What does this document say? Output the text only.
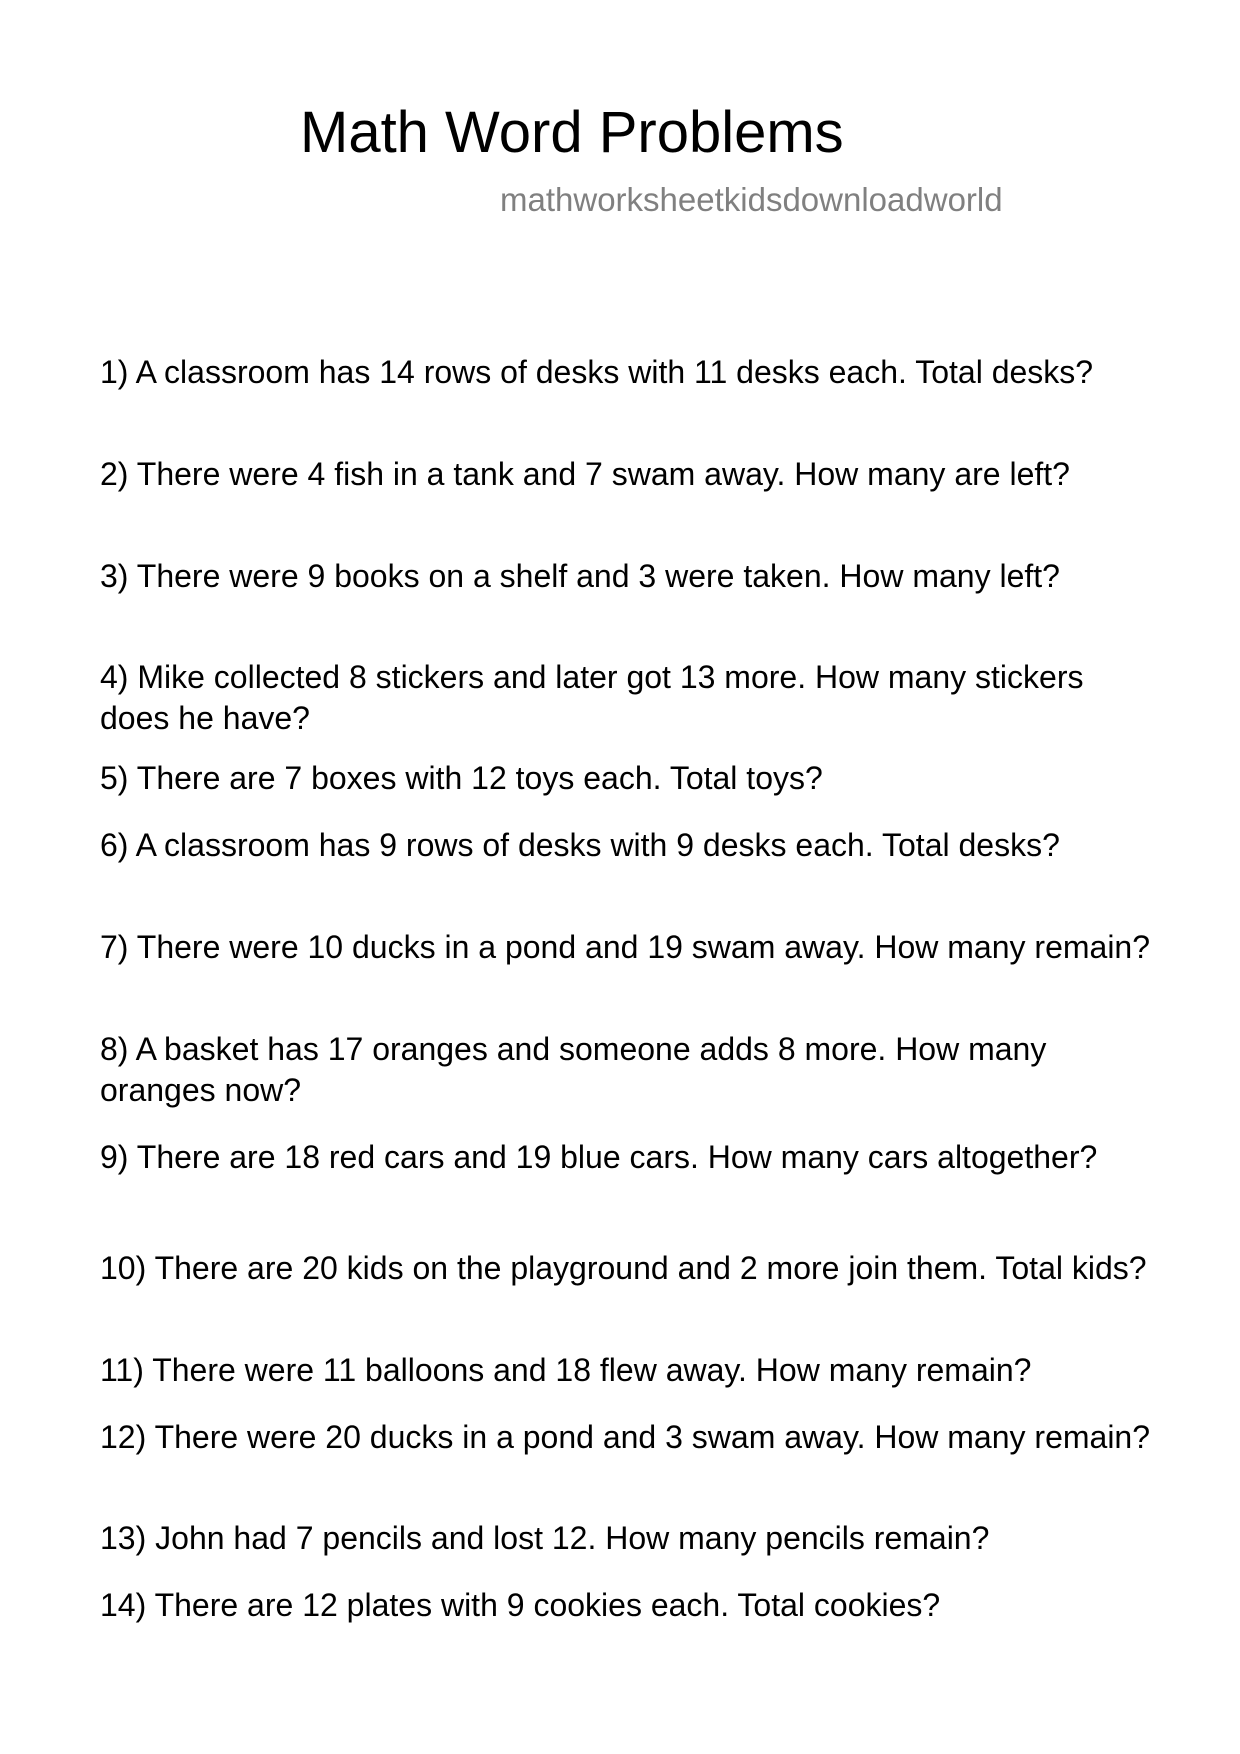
Math Word Problems
mathworksheetkidsdownloadworld
1) A classroom has 14 rows of desks with 11 desks each. Total desks?
2) There were 4 fish in a tank and 7 swam away. How many are left?
3) There were 9 books on a shelf and 3 were taken. How many left?
4) Mike collected 8 stickers and later got 13 more. How many stickers does he have?
5) There are 7 boxes with 12 toys each. Total toys?
6) A classroom has 9 rows of desks with 9 desks each. Total desks?
7) There were 10 ducks in a pond and 19 swam away. How many remain?
8) A basket has 17 oranges and someone adds 8 more. How many oranges now?
9) There are 18 red cars and 19 blue cars. How many cars altogether?
10) There are 20 kids on the playground and 2 more join them. Total kids?
11) There were 11 balloons and 18 flew away. How many remain?
12) There were 20 ducks in a pond and 3 swam away. How many remain?
13) John had 7 pencils and lost 12. How many pencils remain?
14) There are 12 plates with 9 cookies each. Total cookies?
